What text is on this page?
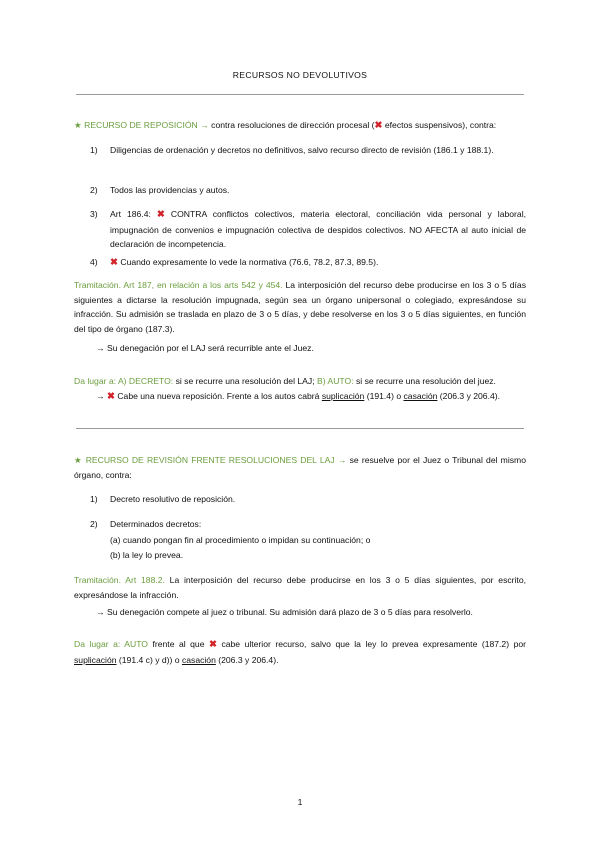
RECURSOS NO DEVOLUTIVOS
★ RECURSO DE REPOSICIÓN → contra resoluciones de dirección procesal (✖ efectos suspensivos), contra:
1) Diligencias de ordenación y decretos no definitivos, salvo recurso directo de revisión (186.1 y 188.1).
2) Todos las providencias y autos.
3) Art 186.4: ✖ CONTRA conflictos colectivos, materia electoral, conciliación vida personal y laboral, impugnación de convenios e impugnación colectiva de despidos colectivos. NO AFECTA al auto inicial de declaración de incompetencia.
4) ✖ Cuando expresamente lo vede la normativa (76.6, 78.2, 87.3, 89.5).
Tramitación. Art 187, en relación a los arts 542 y 454. La interposición del recurso debe producirse en los 3 o 5 días siguientes a dictarse la resolución impugnada, según sea un órgano unipersonal o colegiado, expresándose su infracción. Su admisión se traslada en plazo de 3 o 5 días, y debe resolverse en los 3 o 5 días siguientes, en función del tipo de órgano (187.3).
→ Su denegación por el LAJ será recurrible ante el Juez.
Da lugar a: A) DECRETO: si se recurre una resolución del LAJ; B) AUTO: si se recurre una resolución del juez.
→ ✖ Cabe una nueva reposición. Frente a los autos cabrá suplicación (191.4) o casación (206.3 y 206.4).
★ RECURSO DE REVISIÓN FRENTE RESOLUCIONES DEL LAJ → se resuelve por el Juez o Tribunal del mismo órgano, contra:
1) Decreto resolutivo de reposición.
2) Determinados decretos:
(a) cuando pongan fin al procedimiento o impidan su continuación; o
(b) la ley lo prevea.
Tramitación. Art 188.2. La interposición del recurso debe producirse en los 3 o 5 días siguientes, por escrito, expresándose la infracción.
→ Su denegación compete al juez o tribunal. Su admisión dará plazo de 3 o 5 días para resolverlo.
Da lugar a: AUTO frente al que ✖ cabe ulterior recurso, salvo que la ley lo prevea expresamente (187.2) por suplicación (191.4 c) y d)) o casación (206.3 y 206.4).
1
